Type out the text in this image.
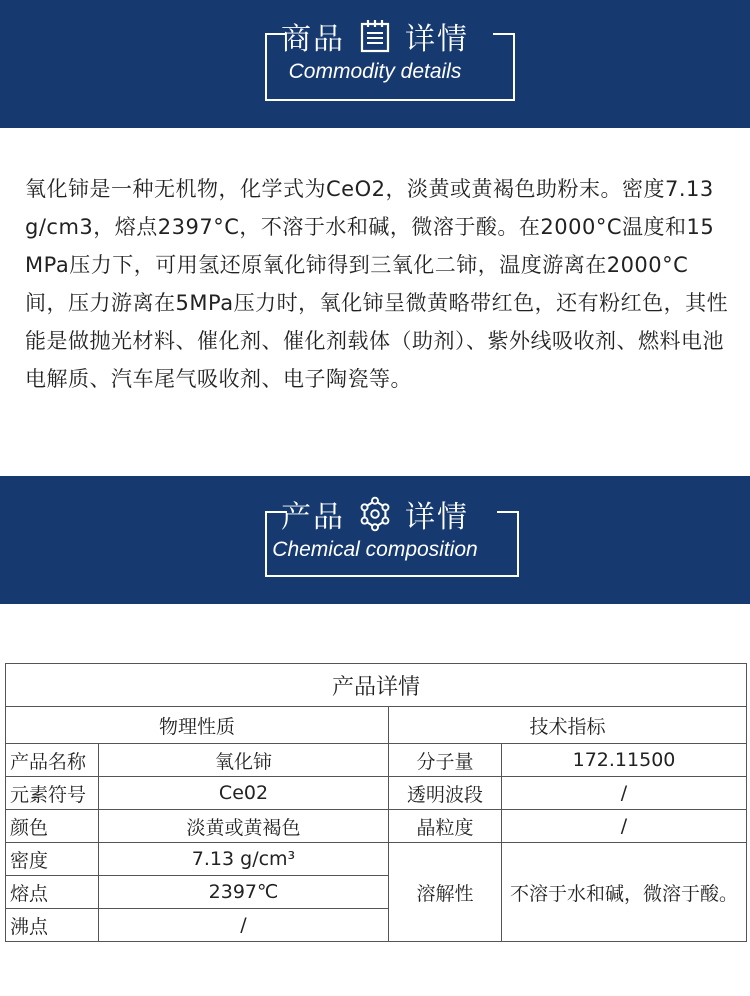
商品 详情
Commodity details
氧化铈是一种无机物，化学式为CeO2，淡黄或黄褐色助粉末。密度7.13g/cm3，熔点2397°C，不溶于水和碱，微溶于酸。在2000°C温度和15MPa压力下，可用氢还原氧化铈得到三氧化二铈，温度游离在2000°C间，压力游离在5MPa压力时，氧化铈呈微黄略带红色，还有粉红色，其性能是做抛光材料、催化剂、催化剂载体（助剂）、紫外线吸收剂、燃料电池电解质、汽车尾气吸收剂、电子陶瓷等。
产品 详情
Chemical composition
产品详情			
物理性质		技术指标	
产品名称	氧化铈	分子量	172.11500
元素符号	Ce02	透明波段	/
颜色	淡黄或黄褐色	晶粒度	/
密度	7.13 g/cm³	溶解性	不溶于水和碱，微溶于酸。
熔点	2397℃		
沸点	/		
